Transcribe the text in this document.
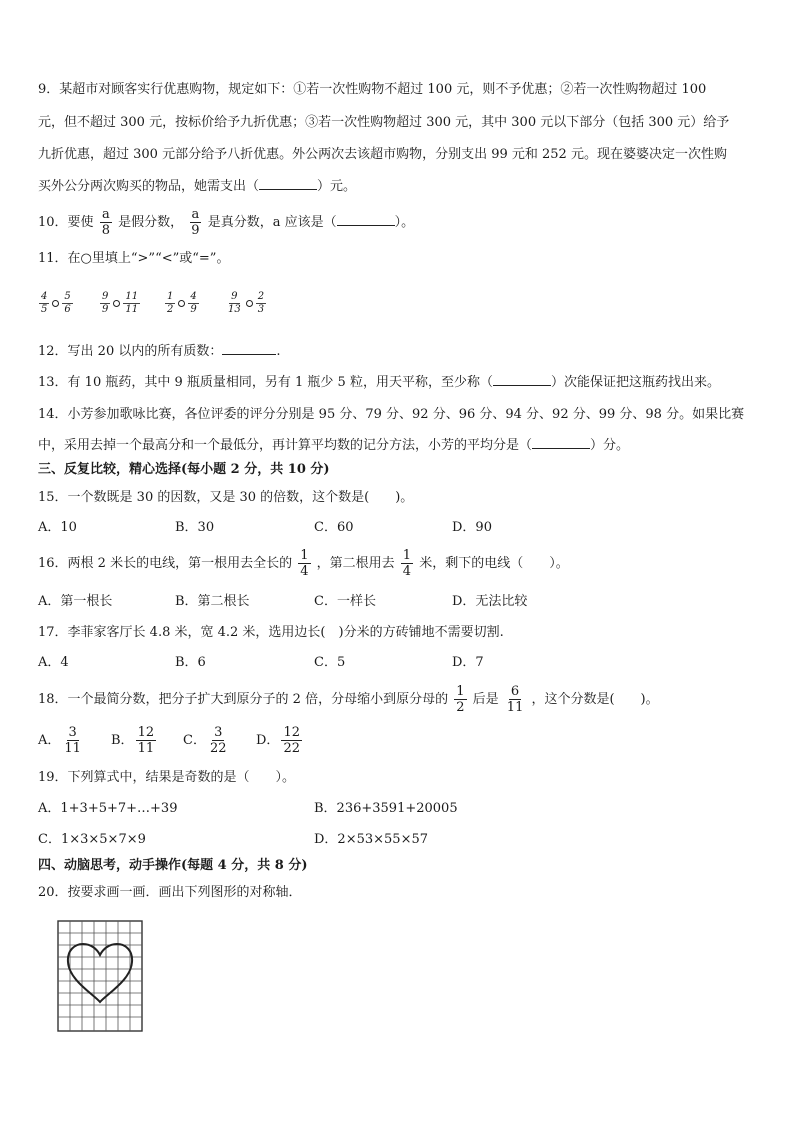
9．某超市对顾客实行优惠购物，规定如下：①若一次性购物不超过 100 元，则不予优惠；②若一次性购物超过 100
元，但不超过 300 元，按标价给予九折优惠；③若一次性购物超过 300 元，其中 300 元以下部分（包括 300 元）给予
九折优惠，超过 300 元部分给予八折优惠。外公两次去该超市购物，分别支出 99 元和 252 元。现在婆婆决定一次性购
买外公分两次购买的物品，她需支出（	）元。
10．要使 $\frac{a}{8}$ 是假分数， $\frac{a}{9}$ 是真分数，a 应该是（	）。
11．在○里填上“>”“<”或“=”。
$\frac{4}{5} \frac{5}{6}$	$\frac{9}{9} \frac{11}{11} \frac{1}{2} \frac{4}{9}$	$\frac{9}{13} \frac{2}{3}$
12．写出 20 以内的所有质数：	.
13．有 10 瓶药，其中 9 瓶质量相同，另有 1 瓶少 5 粒，用天平称，至少称（	）次能保证把这瓶药找出来。
14．小芳参加歌咏比赛，各位评委的评分分别是 95 分、79 分、92 分、96 分、94 分、92 分、99 分、98 分。如果比赛
中，采用去掉一个最高分和一个最低分，再计算平均数的记分方法，小芳的平均分是（	）分。
三、反复比较，精心选择(每小题 2 分，共 10 分)
15．一个数既是 30 的因数，又是 30 的倍数，这个数是(　　)。
A．10	B．30	C．60	D．90
16．两根 2 米长的电线，第一根用去全长的 $\frac{1}{4}$ ，第二根用去 $\frac{1}{4}$ 米，剩下的电线（　　）。
A．第一根长	B．第二根长	C．一样长	D．无法比较
17．李菲家客厅长 4.8 米，宽 4.2 米，选用边长(　)分米的方砖铺地不需要切割.
A．4	B．6	C．5	D．7
18．一个最简分数，把分子扩大到原分子的 2 倍，分母缩小到原分母的 $\frac{1}{2}$ 后是 $\frac{6}{11}$ ，这个分数是(　　)。
A． $\frac{3}{11}$ B． $\frac{12}{11}$ C． $\frac{3}{22}$ D． $\frac{12}{22}$
19．下列算式中，结果是奇数的是（　　）。
A．1+3+5+7+…+39	B．236+3591+20005
C．1×3×5×7×9	D．2×53×55×57
四、动脑思考，动手操作(每题 4 分，共 8 分)
20．按要求画一画．画出下列图形的对称轴．
